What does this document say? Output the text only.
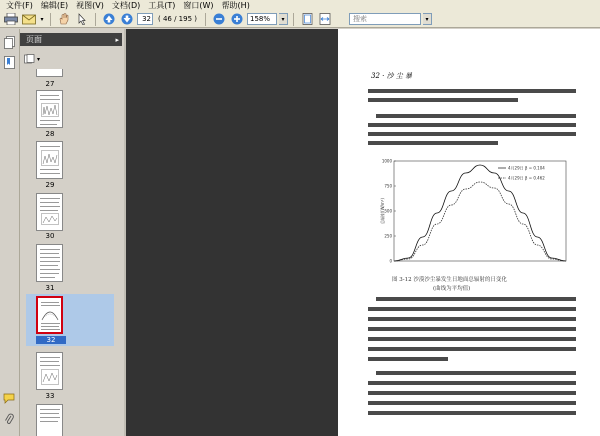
文件(F)	编辑(E)	视图(V)	文档(D)	工具(T)	窗口(W)	帮助(H)
▾	32	( 46 / 195 )	158%	▾	搜索	▾
页面	▸
▾
27
28
29
30
31
32
33
32 · 沙 尘 暴
总辐射(W/m²)
0
250
500
750
1000
4月29日 β = 0.104
4月29日 β = 0.462
图 3-12 沙漠沙尘暴发生日地面总辐射的日变化
(曲线为平均值)
